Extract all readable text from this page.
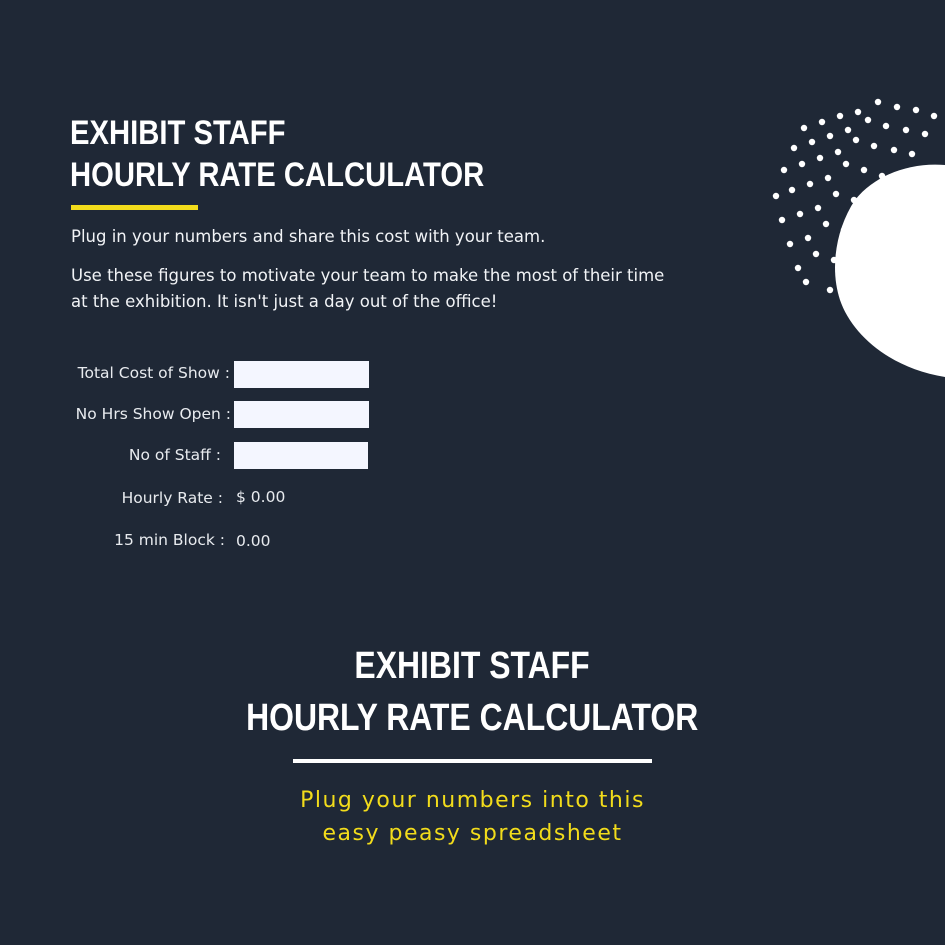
EXHIBIT STAFF
HOURLY RATE CALCULATOR

Plug in your numbers and share this cost with your team.

Use these figures to motivate your team to make the most of their time at the exhibition. It isn't just a day out of the office!

Total Cost of Show :
No Hrs Show Open :
No of Staff :
Hourly Rate : $ 0.00
15 min Block : 0.00
EXHIBIT STAFF
HOURLY RATE CALCULATOR
Plug your numbers into this
easy peasy spreadsheet
